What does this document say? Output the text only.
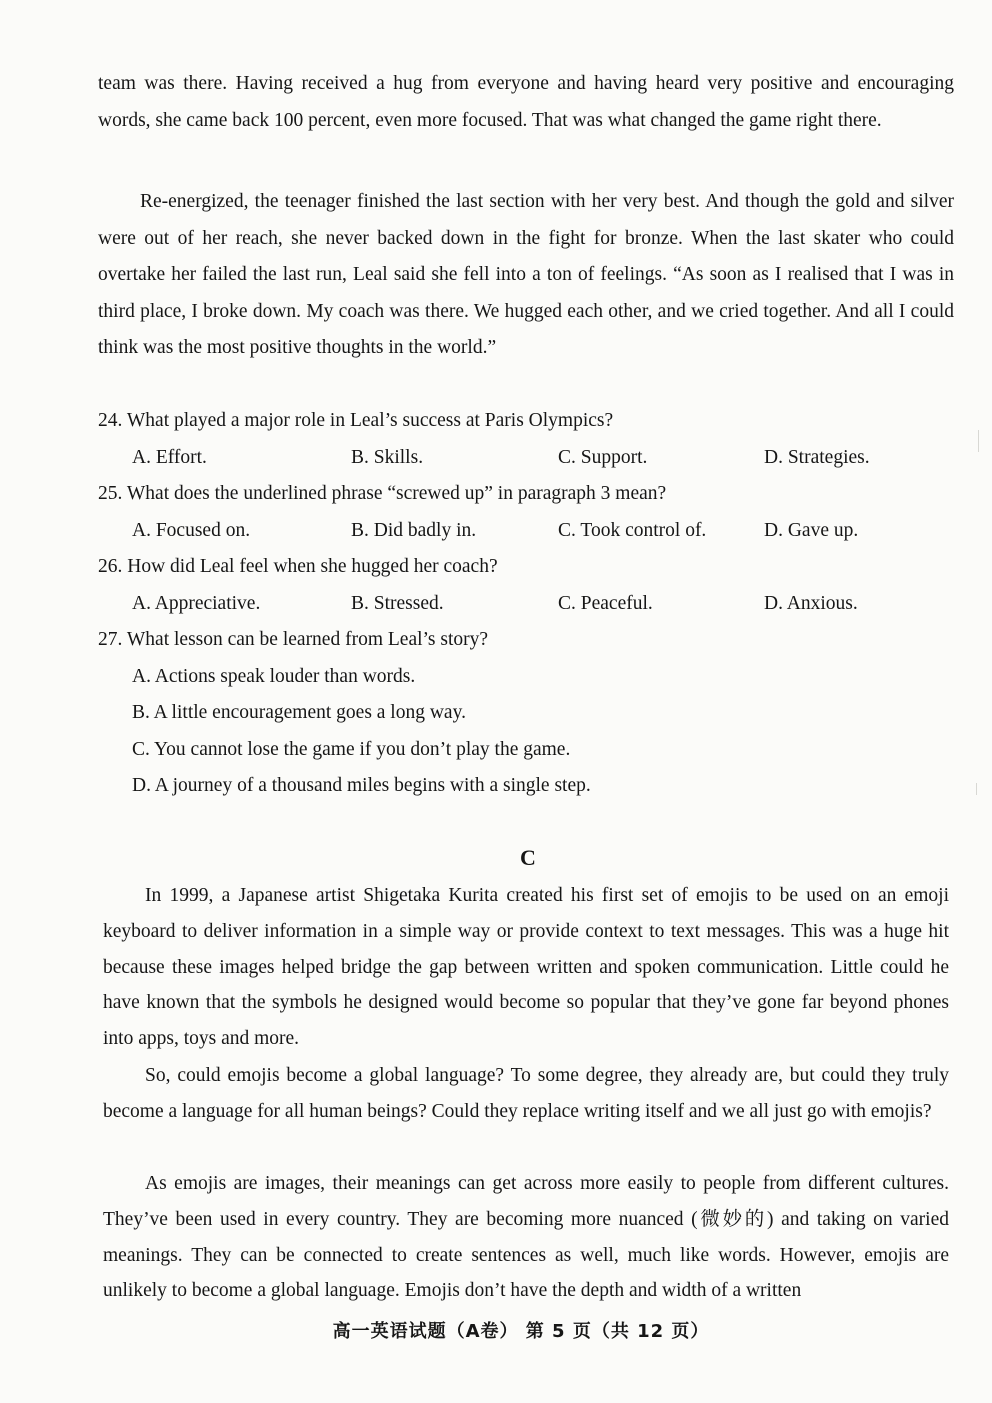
team was there. Having received a hug from everyone and having heard very positive and encouraging words, she came back 100 percent, even more focused. That was what changed the game right there.

Re-energized, the teenager finished the last section with her very best. And though the gold and silver were out of her reach, she never backed down in the fight for bronze. When the last skater who could overtake her failed the last run, Leal said she fell into a ton of feelings. “As soon as I realised that I was in third place, I broke down. My coach was there. We hugged each other, and we cried together. And all I could think was the most positive thoughts in the world.”

24. What played a major role in Leal’s success at Paris Olympics?
A. Effort.	B. Skills.	C. Support.	D. Strategies.
25. What does the underlined phrase “screwed up” in paragraph 3 mean?
A. Focused on.	B. Did badly in.	C. Took control of.	D. Gave up.
26. How did Leal feel when she hugged her coach?
A. Appreciative.	B. Stressed.	C. Peaceful.	D. Anxious.
27. What lesson can be learned from Leal’s story?
A. Actions speak louder than words.
B. A little encouragement goes a long way.
C. You cannot lose the game if you don’t play the game.
D. A journey of a thousand miles begins with a single step.
C

In 1999, a Japanese artist Shigetaka Kurita created his first set of emojis to be used on an emoji keyboard to deliver information in a simple way or provide context to text messages. This was a huge hit because these images helped bridge the gap between written and spoken communication. Little could he have known that the symbols he designed would become so popular that they’ve gone far beyond phones into apps, toys and more.

So, could emojis become a global language? To some degree, they already are, but could they truly become a language for all human beings? Could they replace writing itself and we all just go with emojis?

As emojis are images, their meanings can get across more easily to people from different cultures. They’ve been used in every country. They are becoming more nuanced (微妙的) and taking on varied meanings. They can be connected to create sentences as well, much like words. However, emojis are unlikely to become a global language. Emojis don’t have the depth and width of a written

高一英语试题（A卷） 第 5 页（共 12 页）
